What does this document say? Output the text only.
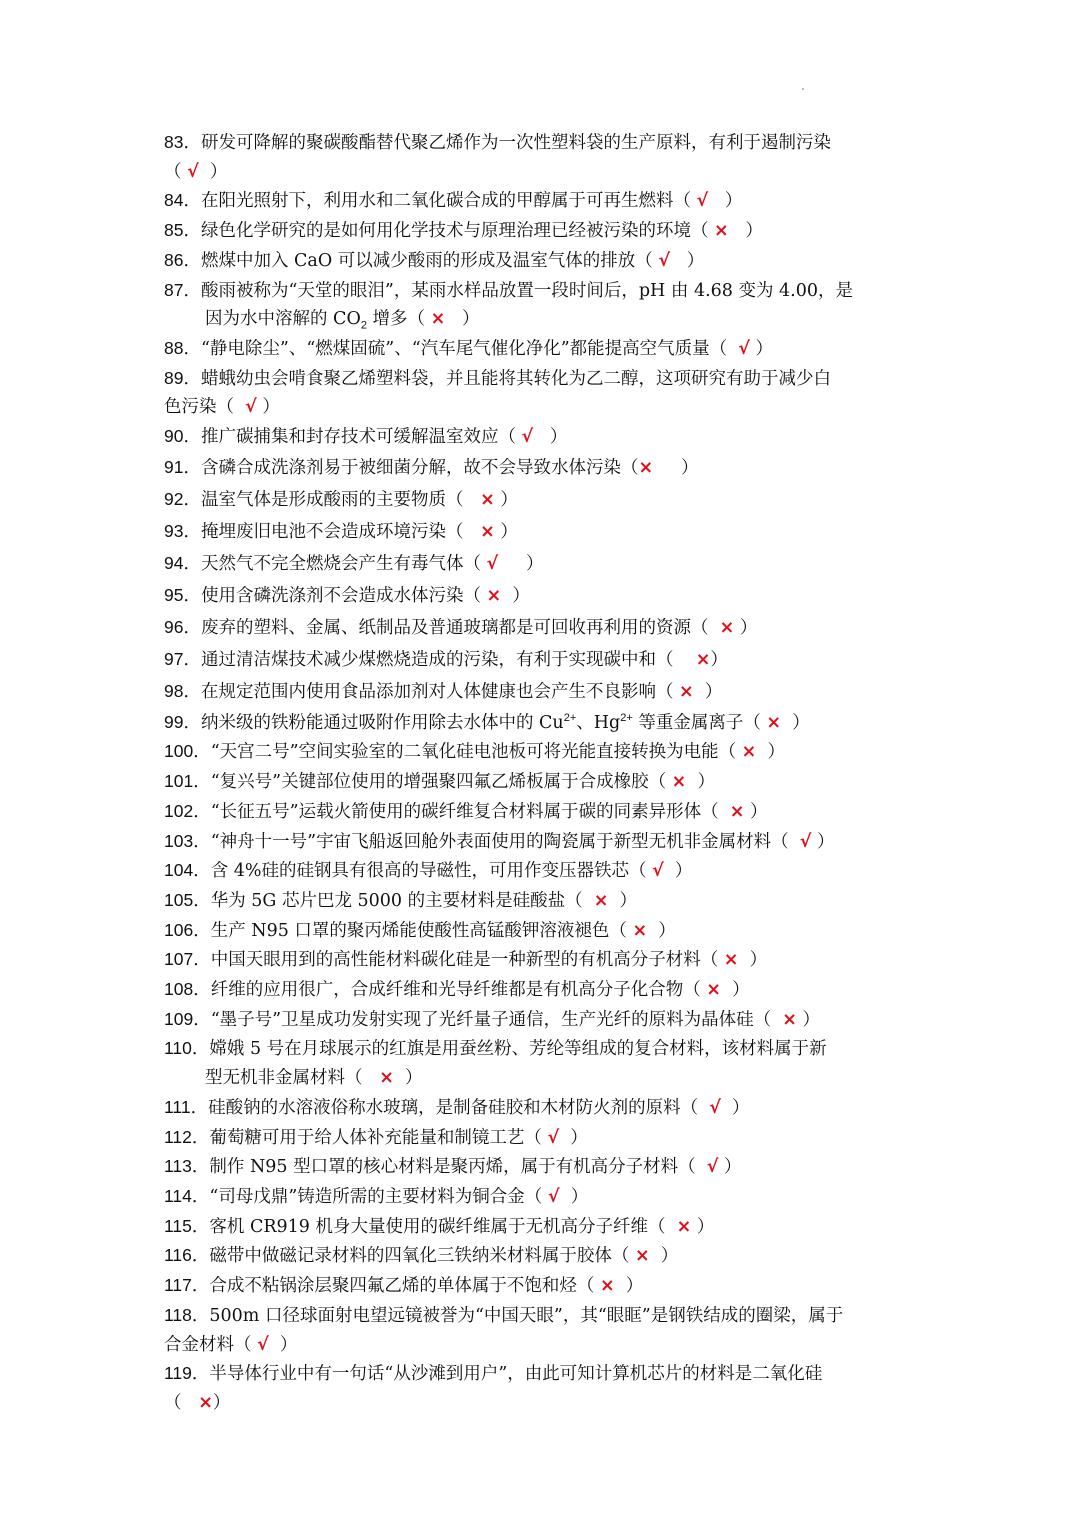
83．研发可降解的聚碳酸酯替代聚乙烯作为一次性塑料袋的生产原料，有利于遏制污染
（ √  ）
84．在阳光照射下，利用水和二氧化碳合成的甲醇属于可再生燃料（ √   ）
85．绿色化学研究的是如何用化学技术与原理治理已经被污染的环境（ ×   ）
86．燃煤中加入 CaO 可以减少酸雨的形成及温室气体的排放（ √   ）
87．酸雨被称为“天堂的眼泪”，某雨水样品放置一段时间后，pH 由 4.68 变为 4.00，是
因为水中溶解的 $CO_2$ 增多（ ×   ）
88．“静电除尘”、“燃煤固硫”、“汽车尾气催化净化”都能提高空气质量（  √ ）
89．蜡蛾幼虫会啃食聚乙烯塑料袋，并且能将其转化为乙二醇，这项研究有助于减少白
色污染（  √ ）
90．推广碳捕集和封存技术可缓解温室效应（ √   ）
91．含磷合成洗涤剂易于被细菌分解，故不会导致水体污染（×     ）
92．温室气体是形成酸雨的主要物质（   × ）
93．掩埋废旧电池不会造成环境污染（   × ）
94．天然气不完全燃烧会产生有毒气体（ √     ）
95．使用含磷洗涤剂不会造成水体污染（ ×  ）
96．废弃的塑料、金属、纸制品及普通玻璃都是可回收再利用的资源（  × ）
97．通过清洁煤技术减少煤燃烧造成的污染，有利于实现碳中和（    ×）
98．在规定范围内使用食品添加剂对人体健康也会产生不良影响（ ×  ）
99．纳米级的铁粉能通过吸附作用除去水体中的 $Cu^{2+}$、$Hg^{2+}$ 等重金属离子（ ×  ）
100．“天宫二号”空间实验室的二氧化硅电池板可将光能直接转换为电能（ ×  ）
101．“复兴号”关键部位使用的增强聚四氟乙烯板属于合成橡胶（ ×  ）
102．“长征五号”运载火箭使用的碳纤维复合材料属于碳的同素异形体（  × ）
103．“神舟十一号”宇宙飞船返回舱外表面使用的陶瓷属于新型无机非金属材料（  √ ）
104．含 4%硅的硅钢具有很高的导磁性，可用作变压器铁芯（ √  ）
105．华为 5G 芯片巴龙 5000 的主要材料是硅酸盐（  ×  ）
106．生产 N95 口罩的聚丙烯能使酸性高锰酸钾溶液褪色（ ×  ）
107．中国天眼用到的高性能材料碳化硅是一种新型的有机高分子材料（ ×  ）
108．纤维的应用很广，合成纤维和光导纤维都是有机高分子化合物（ ×  ）
109．“墨子号”卫星成功发射实现了光纤量子通信，生产光纤的原料为晶体硅（  × ）
110．嫦娥 5 号在月球展示的红旗是用蚕丝粉、芳纶等组成的复合材料，该材料属于新
型无机非金属材料（   ×  ）
111．硅酸钠的水溶液俗称水玻璃，是制备硅胶和木材防火剂的原料（  √  ）
112．葡萄糖可用于给人体补充能量和制镜工艺（ √  ）
113．制作 N95 型口罩的核心材料是聚丙烯，属于有机高分子材料（  √ ）
114．“司母戊鼎”铸造所需的主要材料为铜合金（ √  ）
115．客机 CR919 机身大量使用的碳纤维属于无机高分子纤维（  × ）
116．磁带中做磁记录材料的四氧化三铁纳米材料属于胶体（ ×  ）
117．合成不粘锅涂层聚四氟乙烯的单体属于不饱和烃（ ×  ）
118．500m 口径球面射电望远镜被誉为“中国天眼”，其“眼眶”是钢铁结成的圈梁，属于
合金材料（ √  ）
119．半导体行业中有一句话“从沙滩到用户”，由此可知计算机芯片的材料是二氧化硅
（   ×）
